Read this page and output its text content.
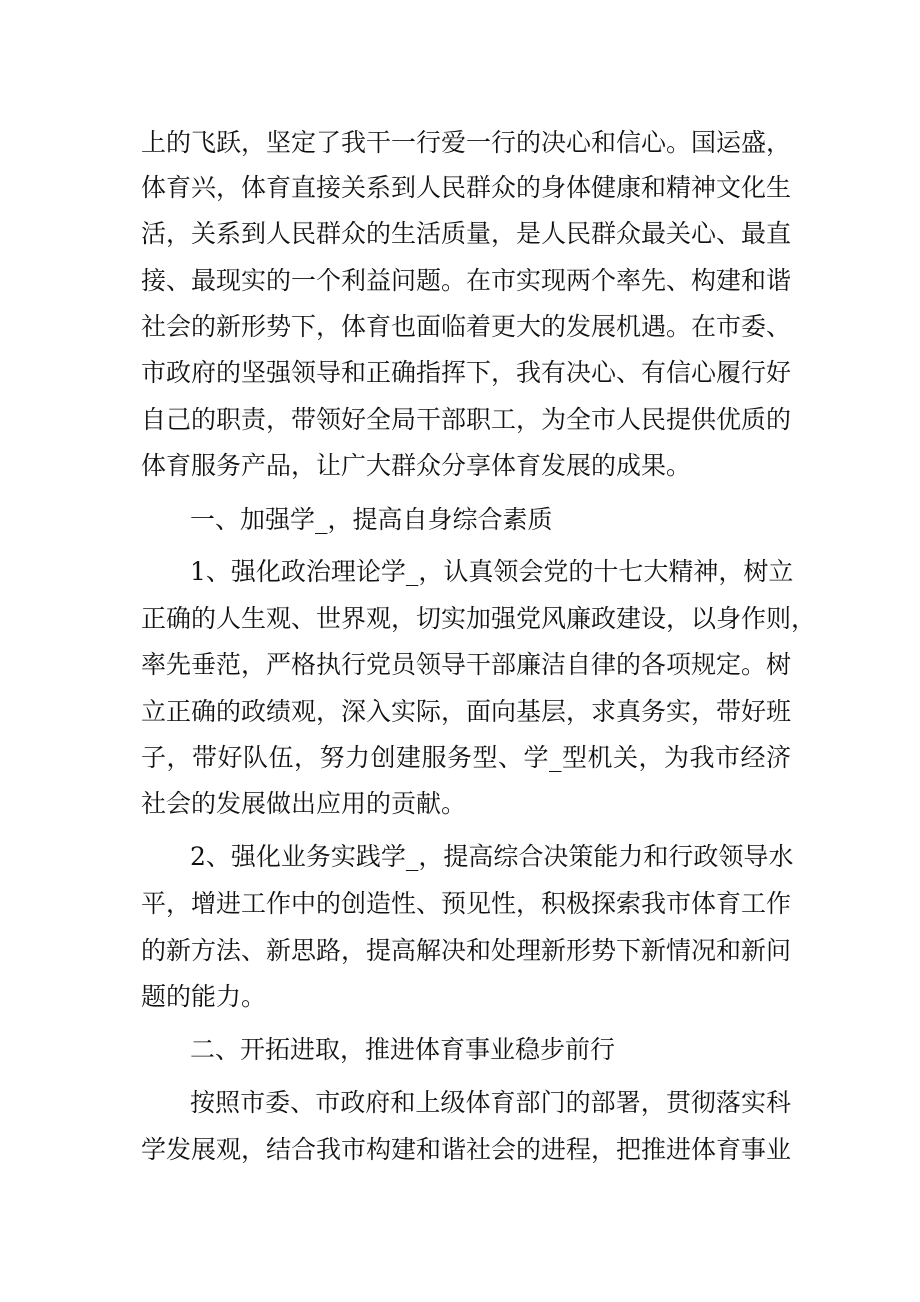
上的飞跃，坚定了我干一行爱一行的决心和信心。国运盛，
体育兴，体育直接关系到人民群众的身体健康和精神文化生
活，关系到人民群众的生活质量，是人民群众最关心、最直
接、最现实的一个利益问题。在市实现两个率先、构建和谐
社会的新形势下，体育也面临着更大的发展机遇。在市委、
市政府的坚强领导和正确指挥下，我有决心、有信心履行好
自己的职责，带领好全局干部职工，为全市人民提供优质的
体育服务产品，让广大群众分享体育发展的成果。
一、加强学_，提高自身综合素质
1、强化政治理论学_，认真领会党的十七大精神，树立
正确的人生观、世界观，切实加强党风廉政建设，以身作则，
率先垂范，严格执行党员领导干部廉洁自律的各项规定。树
立正确的政绩观，深入实际，面向基层，求真务实，带好班
子，带好队伍，努力创建服务型、学_型机关，为我市经济
社会的发展做出应用的贡献。
2、强化业务实践学_，提高综合决策能力和行政领导水
平，增进工作中的创造性、预见性，积极探索我市体育工作
的新方法、新思路，提高解决和处理新形势下新情况和新问
题的能力。
二、开拓进取，推进体育事业稳步前行
按照市委、市政府和上级体育部门的部署，贯彻落实科
学发展观，结合我市构建和谐社会的进程，把推进体育事业
